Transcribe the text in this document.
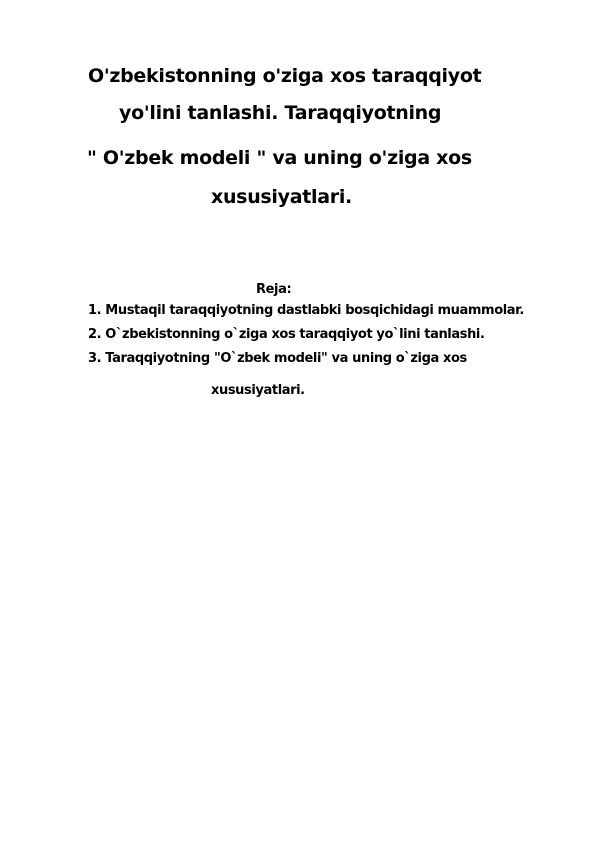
O'zbekistonning o'ziga xos taraqqiyot
yo'lini tanlashi. Taraqqiyotning
" O'zbek modeli " va uning o'ziga xos
xususiyatlari.
Reja:
1. Mustaqil taraqqiyotning dastlabki bosqichidagi muammolar.
2. O`zbekistonning o`ziga xos taraqqiyot yo`lini tanlashi.
3. Taraqqiyotning "O`zbek modeli" va uning o`ziga xos
xususiyatlari.
